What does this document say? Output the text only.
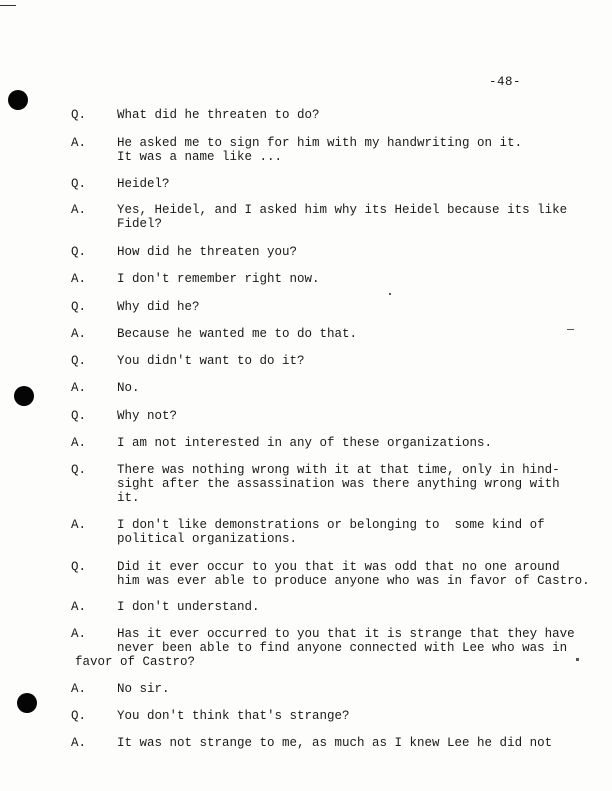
-48-
Q. What did he threaten to do?
A. He asked me to sign for him with my handwriting on it.
It was a name like ...
Q. Heidel?
A. Yes, Heidel, and I asked him why its Heidel because its like
Fidel?
Q. How did he threaten you?
A. I don't remember right now.
Q. Why did he?
A. Because he wanted me to do that.
Q. You didn't want to do it?
A. No.
Q. Why not?
A. I am not interested in any of these organizations.
Q. There was nothing wrong with it at that time, only in hind-
sight after the assassination was there anything wrong with
it.
A. I don't like demonstrations or belonging to  some kind of
political organizations.
Q. Did it ever occur to you that it was odd that no one around
him was ever able to produce anyone who was in favor of Castro.
A. I don't understand.
A. Has it ever occurred to you that it is strange that they have
never been able to find anyone connected with Lee who was in
favor of Castro?
A. No sir.
Q. You don't think that's strange?
A. It was not strange to me, as much as I knew Lee he did not
